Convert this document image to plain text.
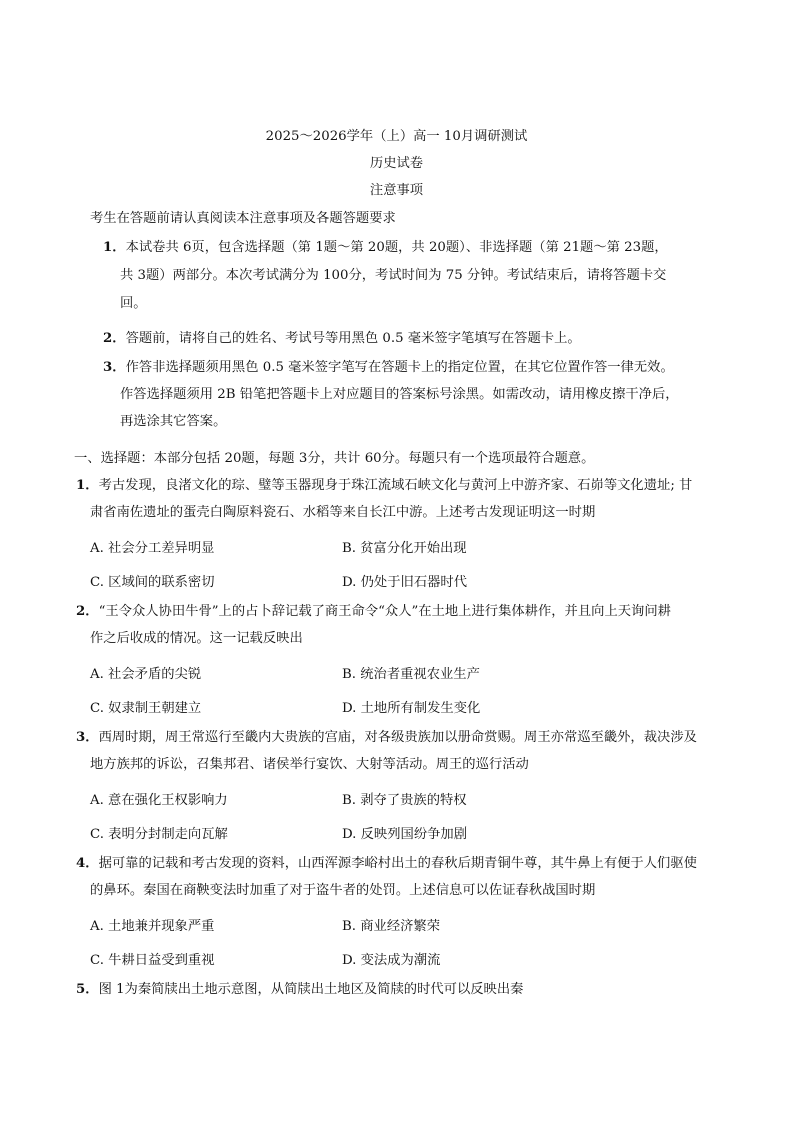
2025～2026学年（上）高一 10月调研测试
历史试卷
注意事项
考生在答题前请认真阅读本注意事项及各题答题要求
1．本试卷共 6页，包含选择题（第 1题～第 20题，共 20题）、非选择题（第 21题～第 23题，
共 3题）两部分。本次考试满分为 100分，考试时间为 75 分钟。考试结束后，请将答题卡交
回。
2．答题前，请将自己的姓名、考试号等用黑色 0.5 毫米签字笔填写在答题卡上。
3．作答非选择题须用黑色 0.5 毫米签字笔写在答题卡上的指定位置，在其它位置作答一律无效。
作答选择题须用 2B 铅笔把答题卡上对应题目的答案标号涂黑。如需改动，请用橡皮擦干净后，
再选涂其它答案。
一、选择题：本部分包括 20题，每题 3分，共计 60分。每题只有一个选项最符合题意。
1．考古发现，良渚文化的琮、璧等玉器现身于珠江流域石峡文化与黄河上中游齐家、石峁等文化遗址; 甘
肃省南佐遗址的蛋壳白陶原料瓷石、水稻等来自长江中游。上述考古发现证明这一时期
A. 社会分工差异明显	B. 贫富分化开始出现
C. 区域间的联系密切	D. 仍处于旧石器时代
2．“王令众人协田牛骨”上的占卜辞记载了商王命令“众人”在土地上进行集体耕作，并且向上天询问耕
作之后收成的情况。这一记载反映出
A. 社会矛盾的尖锐	B. 统治者重视农业生产
C. 奴隶制王朝建立	D. 土地所有制发生变化
3．西周时期，周王常巡行至畿内大贵族的宫庙，对各级贵族加以册命赏赐。周王亦常巡至畿外，裁决涉及
地方族邦的诉讼，召集邦君、诸侯举行宴饮、大射等活动。周王的巡行活动
A. 意在强化王权影响力	B. 剥夺了贵族的特权
C. 表明分封制走向瓦解	D. 反映列国纷争加剧
4．据可靠的记载和考古发现的资料，山西浑源李峪村出土的春秋后期青铜牛尊，其牛鼻上有便于人们驱使
的鼻环。秦国在商鞅变法时加重了对于盗牛者的处罚。上述信息可以佐证春秋战国时期
A. 土地兼并现象严重	B. 商业经济繁荣
C. 牛耕日益受到重视	D. 变法成为潮流
5．图 1为秦简牍出土地示意图，从简牍出土地区及简牍的时代可以反映出秦
